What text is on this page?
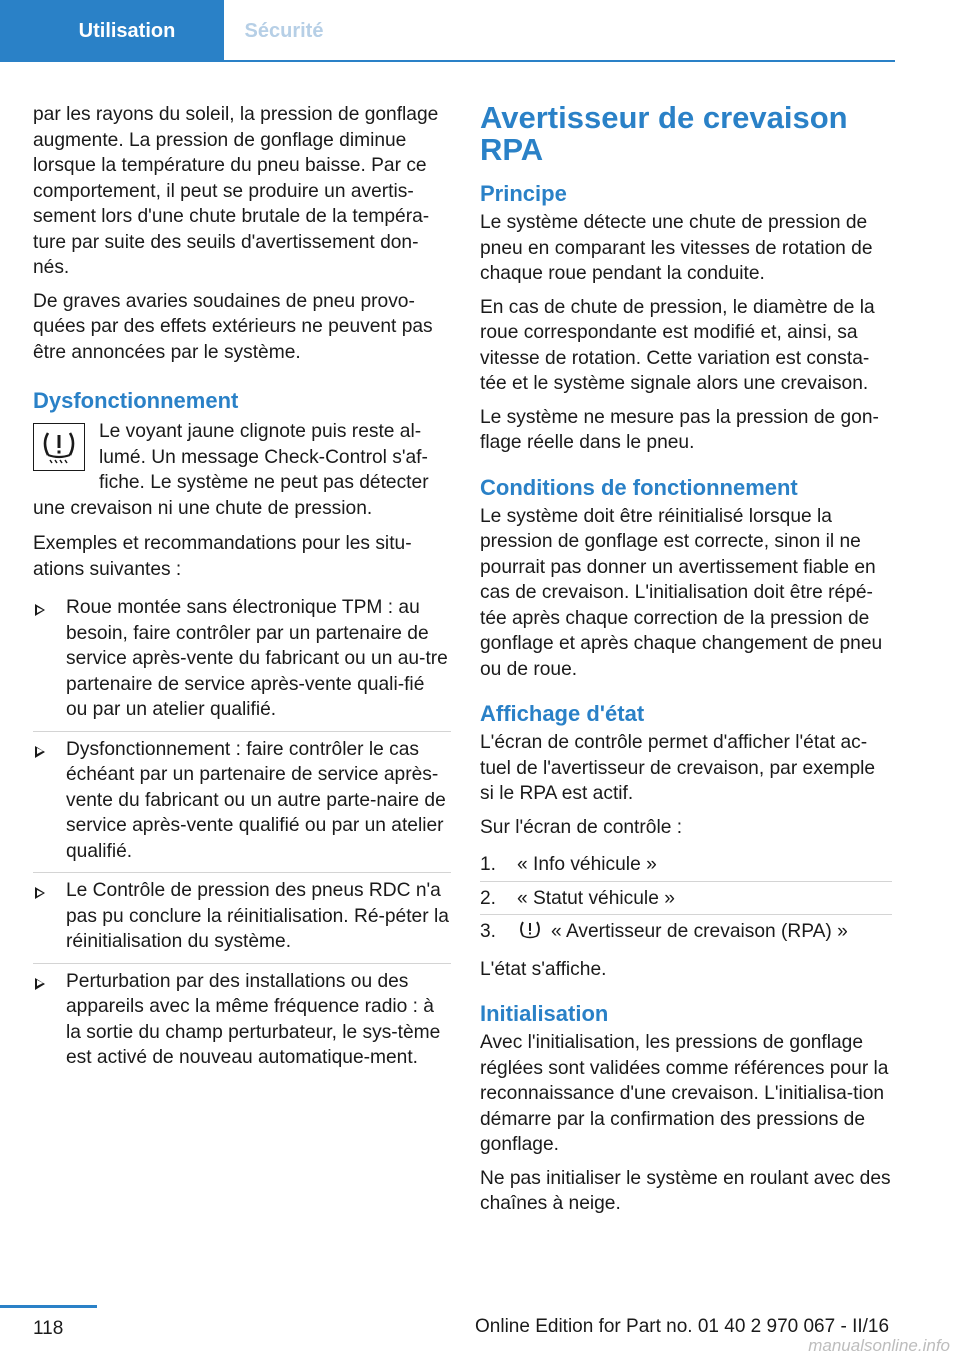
Utilisation	Sécurité

par les rayons du soleil, la pression de gonflage augmente. La pression de gonflage diminue lorsque la température du pneu baisse. Par ce comportement, il peut se produire un avertis-sement lors d'une chute brutale de la tempéra-ture par suite des seuils d'avertissement don-nés.

De graves avaries soudaines de pneu provo-quées par des effets extérieurs ne peuvent pas être annoncées par le système.

Dysfonctionnement

Le voyant jaune clignote puis reste al-lumé. Un message Check-Control s'af-fiche. Le système ne peut pas détecter une crevaison ni une chute de pression.

Exemples et recommandations pour les situ-ations suivantes :

Roue montée sans électronique TPM : au besoin, faire contrôler par un partenaire de service après-vente du fabricant ou un au-tre partenaire de service après-vente quali-fié ou par un atelier qualifié.
Dysfonctionnement : faire contrôler le cas échéant par un partenaire de service après-vente du fabricant ou un autre parte-naire de service après-vente qualifié ou par un atelier qualifié.
Le Contrôle de pression des pneus RDC n'a pas pu conclure la réinitialisation. Ré-péter la réinitialisation du système.
Perturbation par des installations ou des appareils avec la même fréquence radio : à la sortie du champ perturbateur, le sys-tème est activé de nouveau automatique-ment.
Avertisseur de crevaison RPA
Principe

Le système détecte une chute de pression de pneu en comparant les vitesses de rotation de chaque roue pendant la conduite.

En cas de chute de pression, le diamètre de la roue correspondante est modifié et, ainsi, sa vitesse de rotation. Cette variation est consta-tée et le système signale alors une crevaison.

Le système ne mesure pas la pression de gon-flage réelle dans le pneu.

Conditions de fonctionnement

Le système doit être réinitialisé lorsque la pression de gonflage est correcte, sinon il ne pourrait pas donner un avertissement fiable en cas de crevaison. L'initialisation doit être répé-tée après chaque correction de la pression de gonflage et après chaque changement de pneu ou de roue.

Affichage d'état

L'écran de contrôle permet d'afficher l'état ac-tuel de l'avertisseur de crevaison, par exemple si le RPA est actif.

Sur l'écran de contrôle :

1. « Info véhicule »
2. « Statut véhicule »
3.	« Avertisseur de crevaison (RPA) »

L'état s'affiche.

Initialisation

Avec l'initialisation, les pressions de gonflage réglées sont validées comme références pour la reconnaissance d'une crevaison. L'initialisa-tion démarre par la confirmation des pressions de gonflage.

Ne pas initialiser le système en roulant avec des chaînes à neige.

118	Online Edition for Part no. 01 40 2 970 067 - II/16
manualsonline.info
